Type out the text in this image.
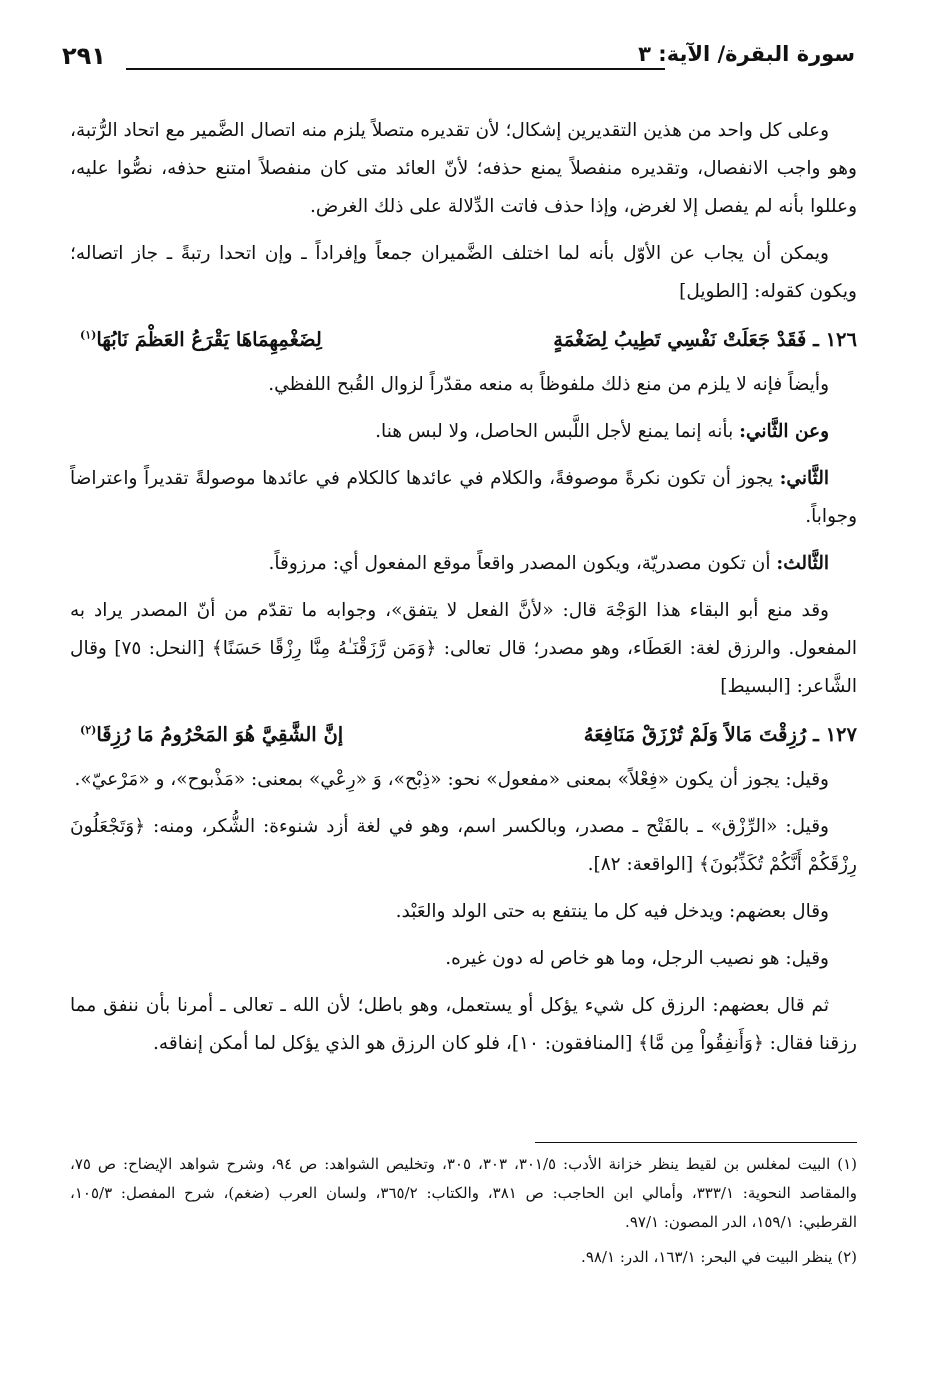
سورة البقرة/ الآية: ٣
٢٩١

وعلى كل واحد من هذين التقديرين إشكال؛ لأن تقديره متصلاً يلزم منه اتصال الضَّمير مع اتحاد الرُّتبة، وهو واجب الانفصال، وتقديره منفصلاً يمنع حذفه؛ لأنّ العائد متى كان منفصلاً امتنع حذفه، نصُّوا عليه، وعللوا بأنه لم يفصل إلا لغرض، وإذا حذف فاتت الدِّلالة على ذلك الغرض.

ويمكن أن يجاب عن الأوّل بأنه لما اختلف الضَّميران جمعاً وإفراداً ـ وإن اتحدا رتبةً ـ جاز اتصاله؛ ويكون كقوله: [الطويل]

١٢٦ ـ فَقَدْ جَعَلَتْ نَفْسِي تَطِيبُ لِضَغْمَةٍ
لِضَغْمِهِمَاهَا يَقْرَعُ العَظْمَ نَابُهَا$^{(١)}$

وأيضاً فإنه لا يلزم من منع ذلك ملفوظاً به منعه مقدّراً لزوال القُبح اللفظي.

وعن الثَّاني: بأنه إنما يمنع لأجل اللَّبس الحاصل، ولا لبس هنا.

الثَّاني: يجوز أن تكون نكرةً موصوفةً، والكلام في عائدها كالكلام في عائدها موصولةً تقديراً واعتراضاً وجواباً.

الثَّالث: أن تكون مصدريّة، ويكون المصدر واقعاً موقع المفعول أي: مرزوقاً.

وقد منع أبو البقاء هذا الوَجْهَ قال: «لأنَّ الفعل لا يتفق»، وجوابه ما تقدّم من أنّ المصدر يراد به المفعول. والرزق لغة: العَطَاء، وهو مصدر؛ قال تعالى: ﴿وَمَن رَّزَقْنَـٰهُ مِنَّا رِزْقًا حَسَنًا﴾ [النحل: ٧٥] وقال الشَّاعر: [البسيط]

١٢٧ ـ رُزِقْتَ مَالاً وَلَمْ تُرْزَقْ مَنَافِعَهُ
إنَّ الشَّقِيَّ هُوَ المَحْرُومُ مَا رُزِقَا$^{(٢)}$

وقيل: يجوز أن يكون «فِعْلاً» بمعنى «مفعول» نحو: «ذِبْح»، وَ «رِعْي» بمعنى: «مَذْبوح»، و «مَرْعيّ».

وقيل: «الرِّزْق» ـ بالفَتْح ـ مصدر، وبالكسر اسم، وهو في لغة أزد شنوءة: الشُّكر، ومنه: ﴿وَتَجْعَلُونَ رِزْقَكُمْ أَنَّكُمْ تُكَذِّبُونَ﴾ [الواقعة: ٨٢].

وقال بعضهم: ويدخل فيه كل ما ينتفع به حتى الولد والعَبْد.

وقيل: هو نصيب الرجل، وما هو خاص له دون غيره.

ثم قال بعضهم: الرزق كل شيء يؤكل أو يستعمل، وهو باطل؛ لأن الله ـ تعالى ـ أمرنا بأن ننفق مما رزقنا فقال: ﴿وَأَنفِقُواْ مِن مَّا﴾ [المنافقون: ١٠]، فلو كان الرزق هو الذي يؤكل لما أمكن إنفاقه.

(١) البيت لمغلس بن لقيط ينظر خزانة الأدب: ٣٠١/٥، ٣٠٣، ٣٠٥، وتخليص الشواهد: ص ٩٤، وشرح شواهد الإيضاح: ص ٧٥، والمقاصد النحوية: ٣٣٣/١، وأمالي ابن الحاجب: ص ٣٨١، والكتاب: ٣٦٥/٢، ولسان العرب (ضغم)، شرح المفصل: ١٠٥/٣، القرطبي: ١٥٩/١، الدر المصون: ٩٧/١.

(٢) ينظر البيت في البحر: ١٦٣/١، الدر: ٩٨/١.
